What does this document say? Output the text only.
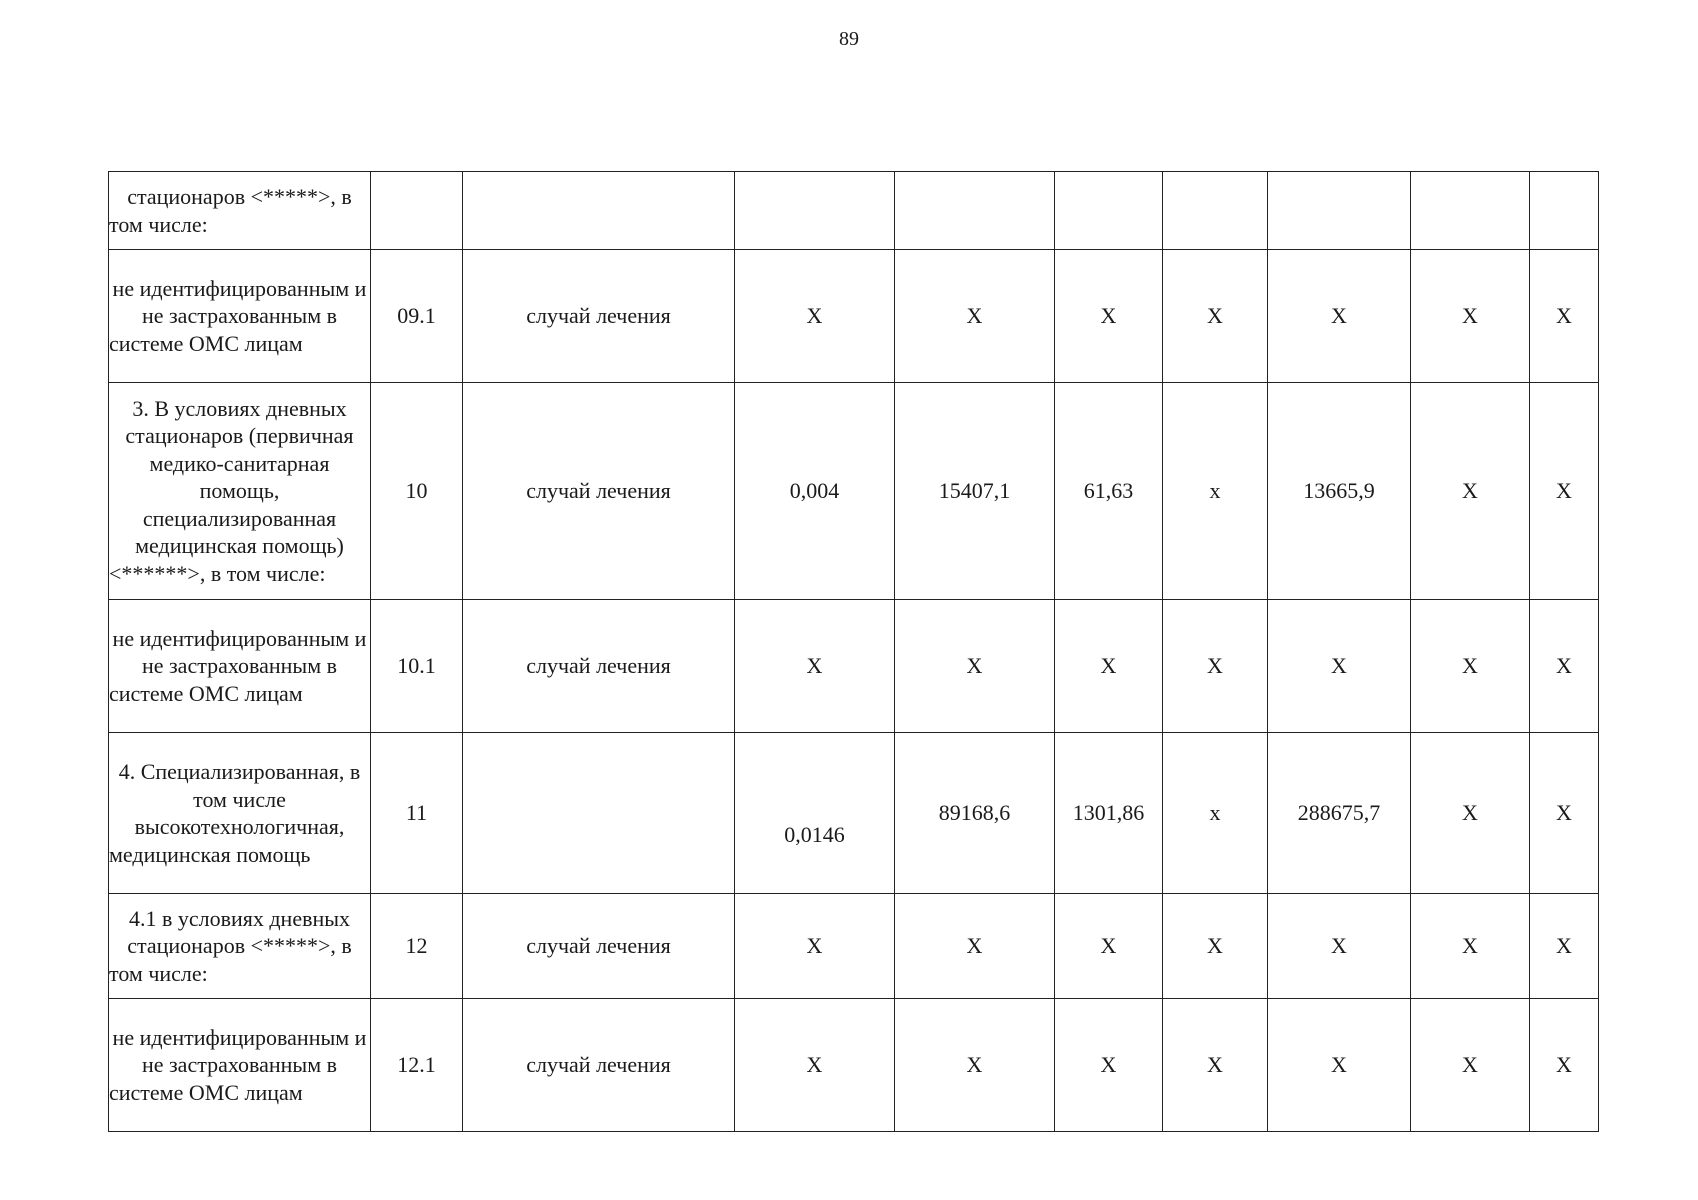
89
стационаров <*****>, в том числе:									
не идентифицированным и не застрахованным в системе ОМС лицам	09.1	случай лечения	X	X	X	X	X	X	X
3. В условиях дневных стационаров (первичная медико-санитарная помощь, специализированная медицинская помощь) <******>, в том числе:	10	случай лечения	0,004	15407,1	61,63	x	13665,9	X	X
не идентифицированным и не застрахованным в системе ОМС лицам	10.1	случай лечения	X	X	X	X	X	X	X
4. Специализированная, в том числе высокотехнологичная, медицинская помощь	11		0,0146	89168,6	1301,86	x	288675,7	X	X
4.1 в условиях дневных стационаров <*****>, в том числе:	12	случай лечения	X	X	X	X	X	X	X
не идентифицированным и не застрахованным в системе ОМС лицам	12.1	случай лечения	X	X	X	X	X	X	X
